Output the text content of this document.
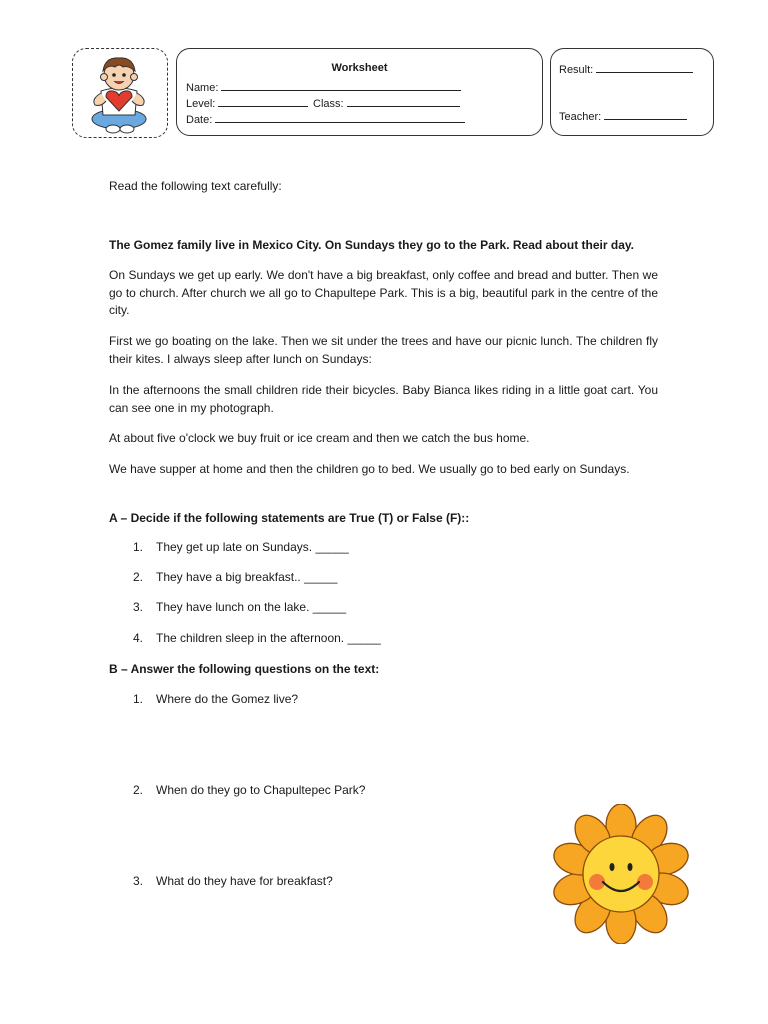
Worksheet
Name:
Level:	Class:
Date:
Result:
Teacher:

Read the following text carefully:

The Gomez family live in Mexico City. On Sundays they go to the Park. Read about their day.

On Sundays we get up early. We don't have a big breakfast, only coffee and bread and butter. Then we go to church. After church we all go to Chapultepe Park. This is a big, beautiful park in the centre of the city.

First we go boating on the lake. Then we sit under the trees and have our picnic lunch. The children fly their kites. I always sleep after lunch on Sundays:

In the afternoons the small children ride their bicycles. Baby Bianca likes riding in a little goat cart. You can see one in my photograph.

At about five o'clock we buy fruit or ice cream and then we catch the bus home.

We have supper at home and then the children go to bed. We usually go to bed early on Sundays.

A – Decide if the following statements are True (T) or False (F)::

1. They get up late on Sundays. _____
2. They have a big breakfast.. _____
3. They have lunch on the lake. _____
4. The children sleep in the afternoon. _____

B – Answer the following questions on the text:

1. Where do the Gomez live?
2. When do they go to Chapultepec Park?
3. What do they have for breakfast?
